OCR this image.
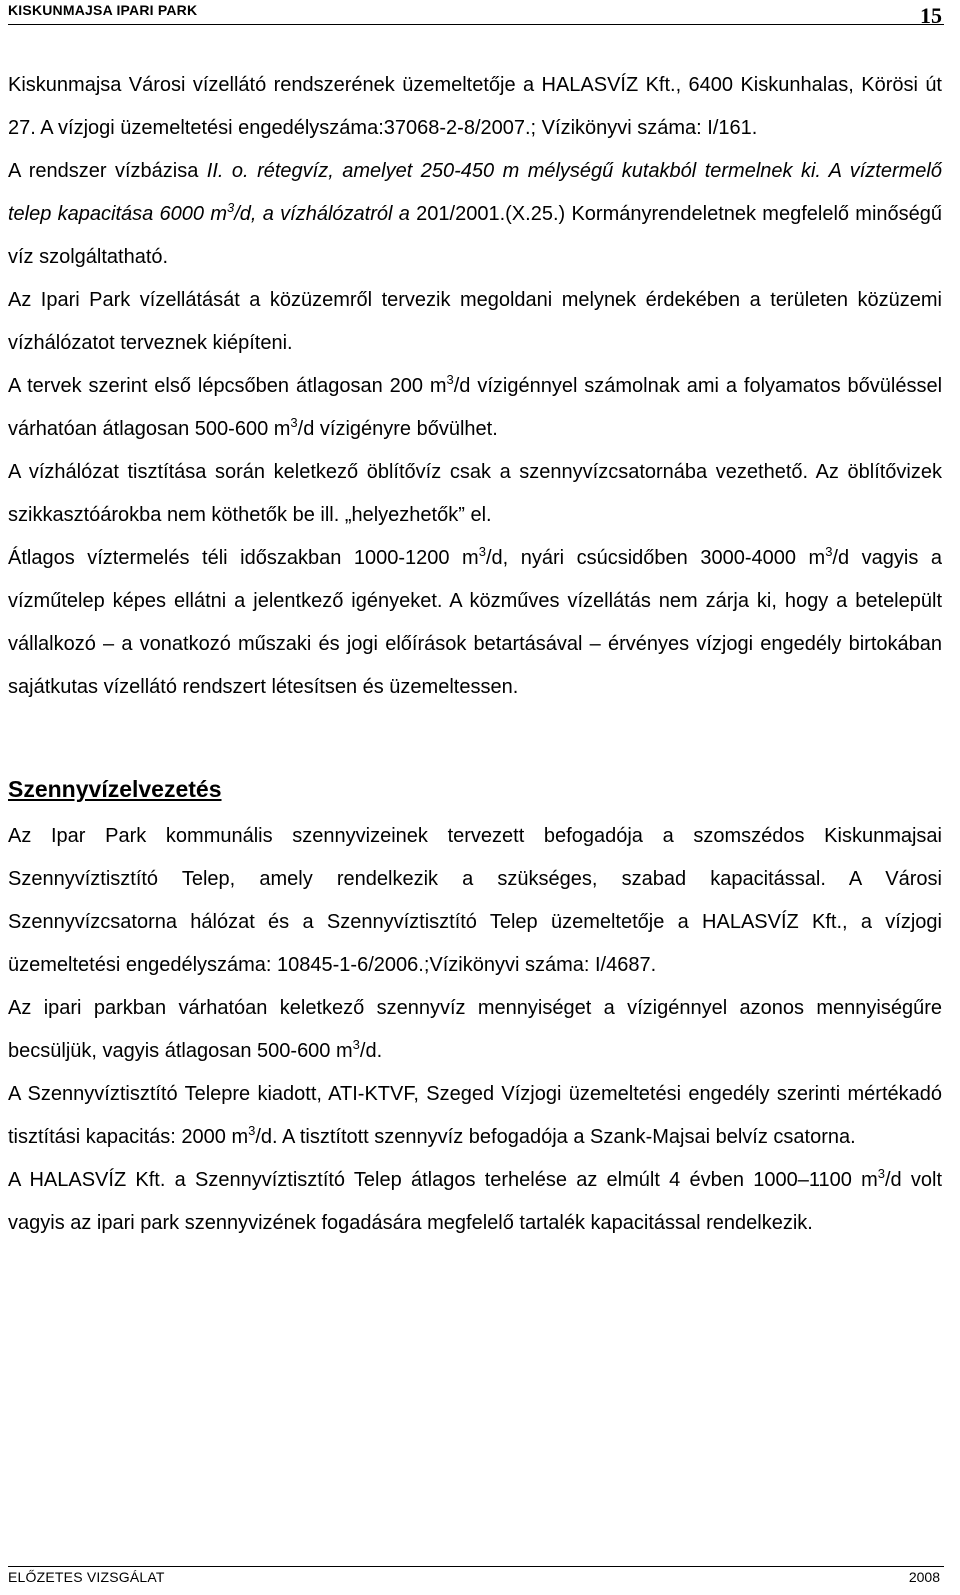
KISKUNMAJSA IPARI PARK	15

Kiskunmajsa Városi vízellátó rendszerének üzemeltetője a HALASVÍZ Kft., 6400 Kiskunhalas, Körösi út 27. A vízjogi üzemeltetési engedélyszáma:37068-2-8/2007.; Vízikönyvi száma: I/161.

A rendszer vízbázisa II. o. rétegvíz, amelyet 250-450 m mélységű kutakból termelnek ki. A víztermelő telep kapacitása 6000 $m^3/d$, a vízhálózatról a 201/2001.(X.25.) Kormányrendeletnek megfelelő minőségű víz szolgáltatható.

Az Ipari Park vízellátását a közüzemről tervezik megoldani melynek érdekében a területen közüzemi vízhálózatot terveznek kiépíteni.

A tervek szerint első lépcsőben átlagosan 200 $m^3/d$ vízigénnyel számolnak ami a folyamatos bővüléssel várhatóan átlagosan 500-600 $m^3/d$ vízigényre bővülhet.

A vízhálózat tisztítása során keletkező öblítővíz csak a szennyvízcsatornába vezethető. Az öblítővizek szikkasztóárokba nem köthetők be ill. „helyezhetők” el.

Átlagos víztermelés téli időszakban 1000-1200 $m^3/d$, nyári csúcsidőben 3000-4000 $m^3/d$ vagyis a vízműtelep képes ellátni a jelentkező igényeket. A közműves vízellátás nem zárja ki, hogy a betelepült vállalkozó – a vonatkozó műszaki és jogi előírások betartásával – érvényes vízjogi engedély birtokában sajátkutas vízellátó rendszert létesítsen és üzemeltessen.

Szennyvízelvezetés

Az Ipar Park kommunális szennyvizeinek tervezett befogadója a szomszédos Kiskunmajsai Szennyvíztisztító Telep, amely rendelkezik a szükséges, szabad kapacitással. A Városi Szennyvízcsatorna hálózat és a Szennyvíztisztító Telep üzemeltetője a HALASVÍZ Kft., a vízjogi üzemeltetési engedélyszáma: 10845-1-6/2006.;Vízikönyvi száma: I/4687.

Az ipari parkban várhatóan keletkező szennyvíz mennyiséget a vízigénnyel azonos mennyiségűre becsüljük, vagyis átlagosan 500-600 $m^3/d$.

A Szennyvíztisztító Telepre kiadott, ATI-KTVF, Szeged Vízjogi üzemeltetési engedély szerinti mértékadó tisztítási kapacitás: 2000 $m^3/d$. A tisztított szennyvíz befogadója a Szank-Majsai belvíz csatorna.

A HALASVÍZ Kft. a Szennyvíztisztító Telep átlagos terhelése az elmúlt 4 évben 1000–1100 $m^3/d$ volt vagyis az ipari park szennyvizének fogadására megfelelő tartalék kapacitással rendelkezik.

ELŐZETES VIZSGÁLAT	2008
